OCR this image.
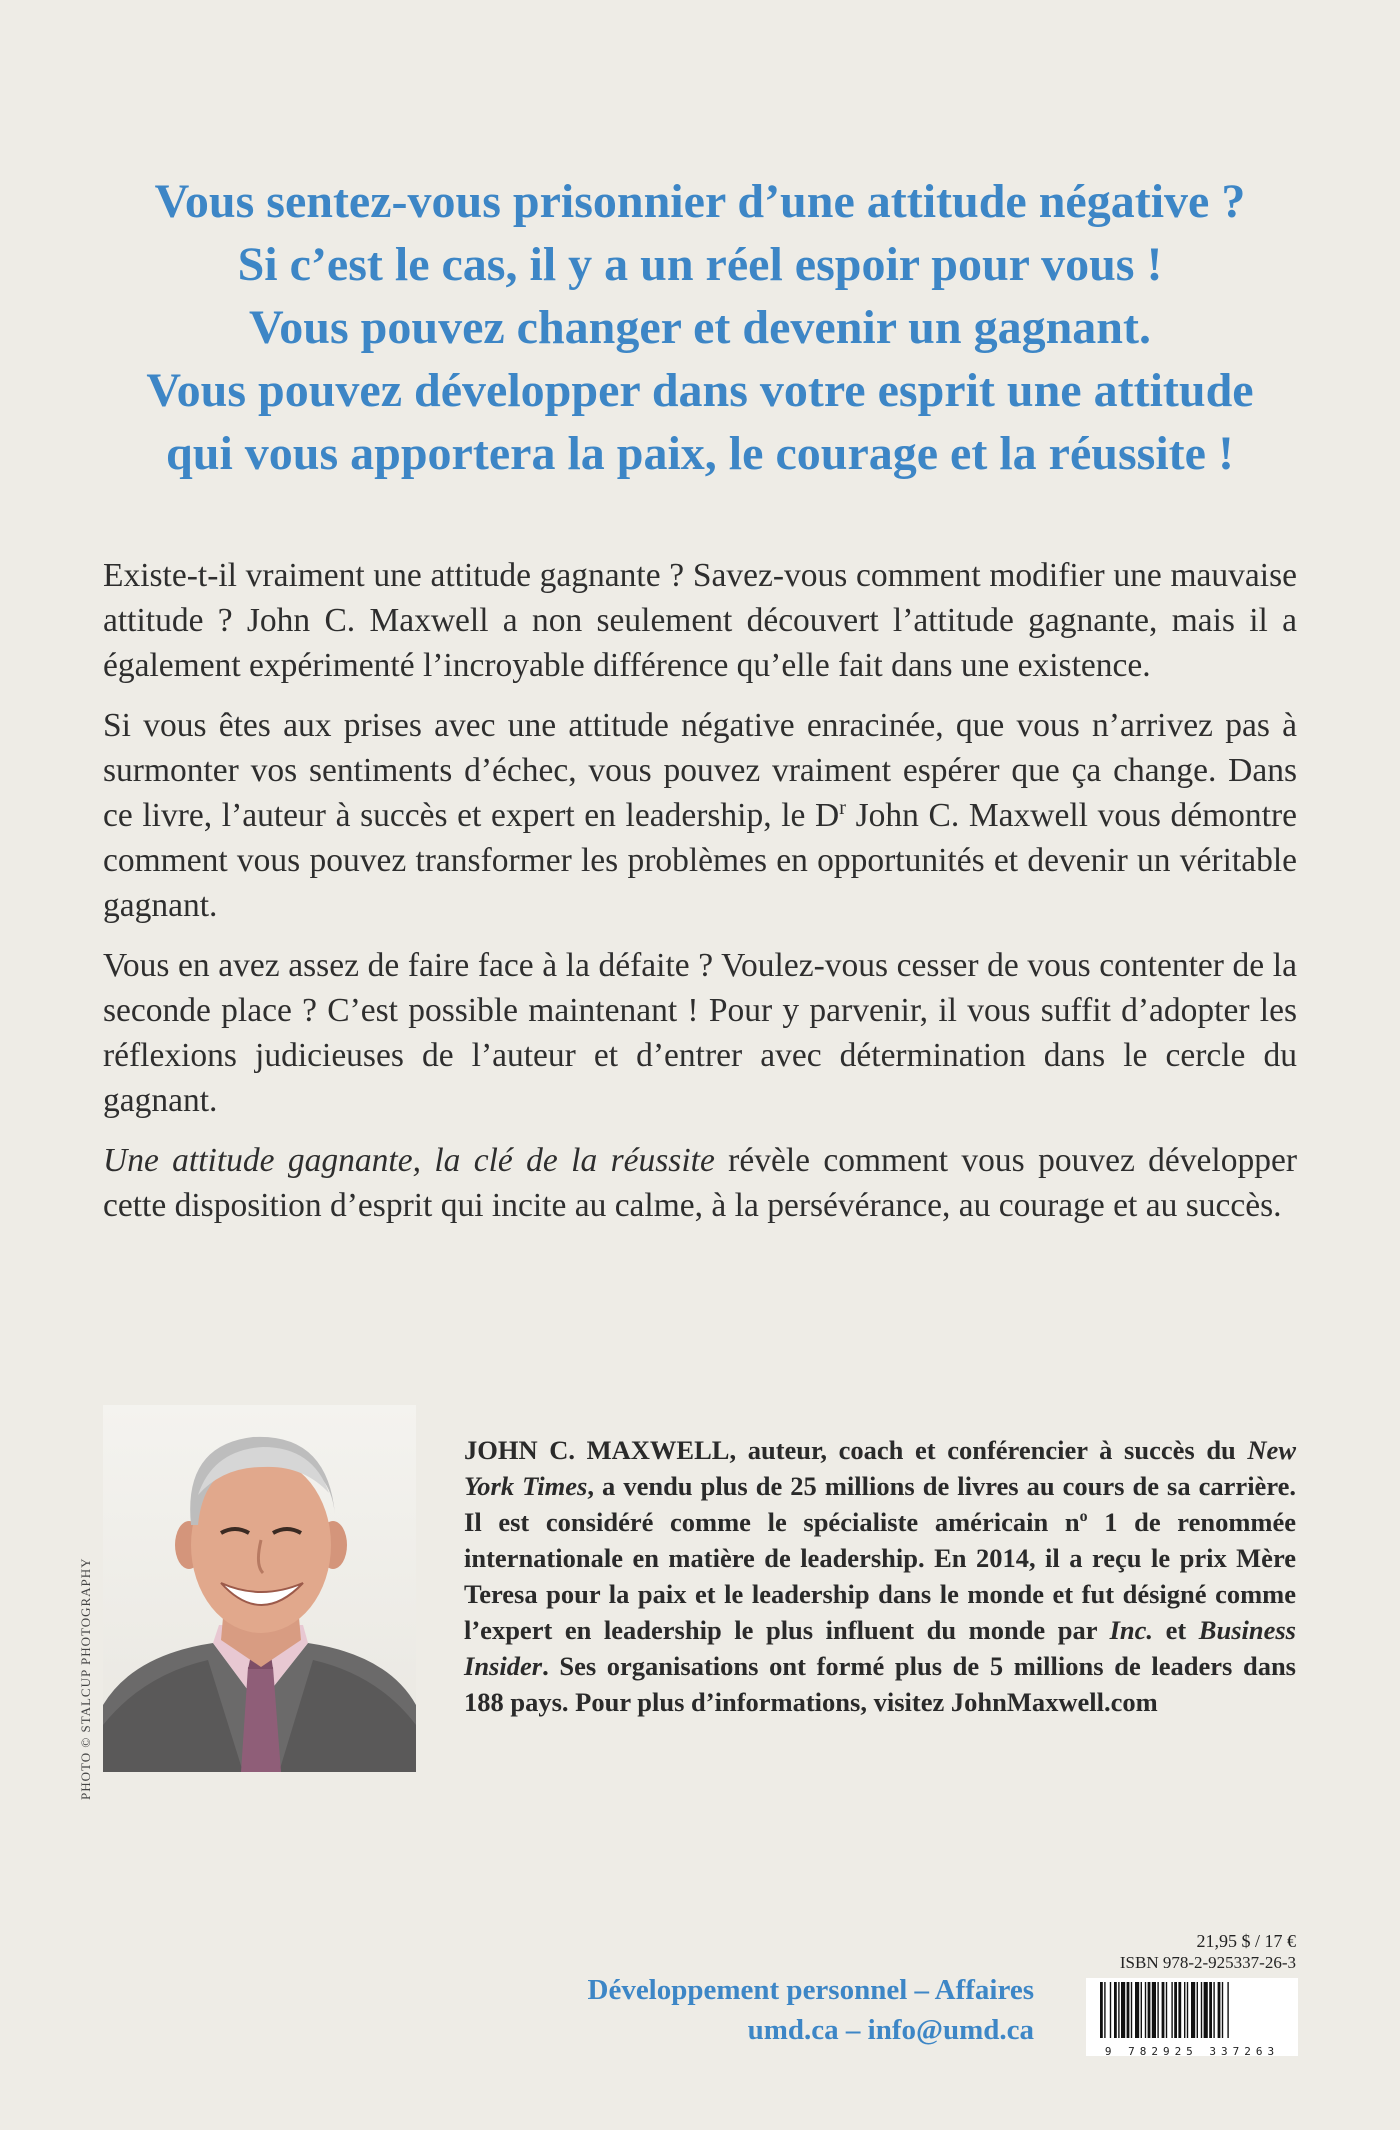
Vous sentez-vous prisonnier d’une attitude négative ?
Si c’est le cas, il y a un réel espoir pour vous !
Vous pouvez changer et devenir un gagnant.
Vous pouvez développer dans votre esprit une attitude
qui vous apportera la paix, le courage et la réussite !

Existe-t-il vraiment une attitude gagnante ? Savez-vous comment modifier une mauvaise attitude ? John C. Maxwell a non seulement découvert l’attitude gagnante, mais il a également expérimenté l’incroyable différence qu’elle fait dans une existence.

Si vous êtes aux prises avec une attitude négative enracinée, que vous n’arrivez pas à surmonter vos sentiments d’échec, vous pouvez vraiment espérer que ça change. Dans ce livre, l’auteur à succès et expert en leadership, le $D^r$ John C. Maxwell vous démontre comment vous pouvez transformer les problèmes en opportunités et devenir un véritable gagnant.

Vous en avez assez de faire face à la défaite ? Voulez-vous cesser de vous contenter de la seconde place ? C’est possible maintenant ! Pour y parvenir, il vous suffit d’adopter les réflexions judicieuses de l’auteur et d’entrer avec détermination dans le cercle du gagnant.

Une attitude gagnante, la clé de la réussite révèle comment vous pouvez développer cette disposition d’esprit qui incite au calme, à la persévérance, au courage et au succès.

PHOTO © STALCUP PHOTOGRAPHY
JOHN C. MAXWELL, auteur, coach et conférencier à succès du New York Times, a vendu plus de 25 millions de livres au cours de sa carrière. Il est considéré comme le spécialiste américain $n^o$ 1 de renommée internationale en matière de leadership. En 2014, il a reçu le prix Mère Teresa pour la paix et le leadership dans le monde et fut désigné comme l’expert en leadership le plus influent du monde par Inc. et Business Insider. Ses organisations ont formé plus de 5 millions de leaders dans 188 pays. Pour plus d’informations, visitez JohnMaxwell.com
Développement personnel – Affaires
umd.ca – info@umd.ca
21,95 $ / 17 €
ISBN 978-2-925337-26-3
9 782925 337263
